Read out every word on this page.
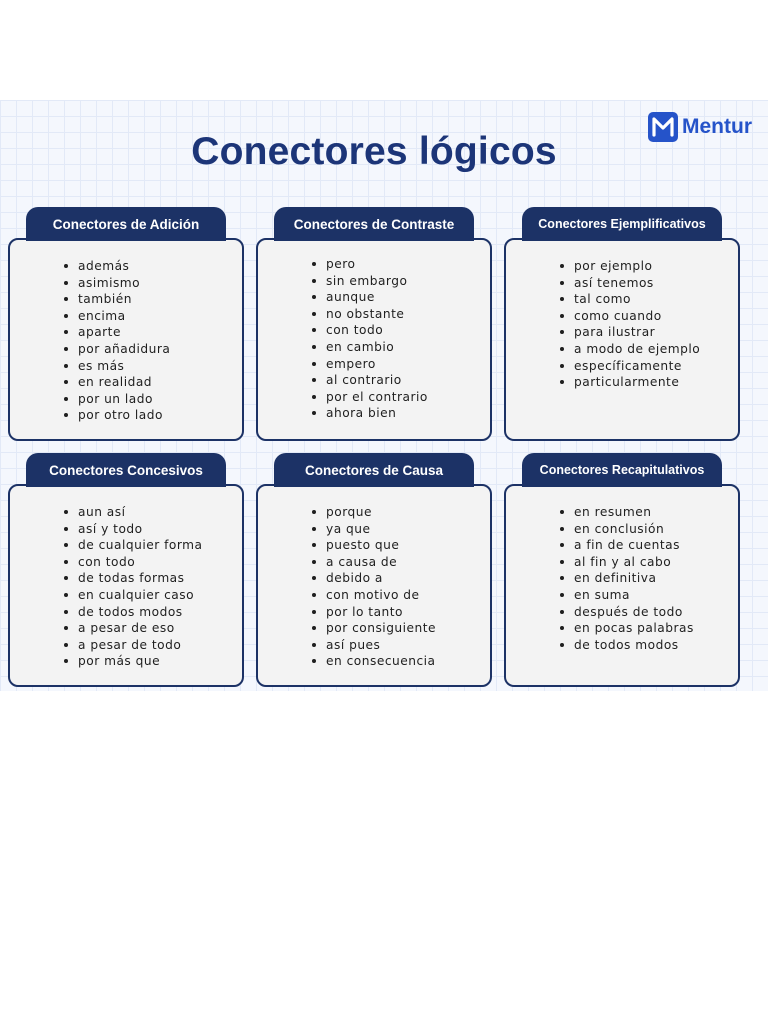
Mentur
Conectores lógicos
Conectores de Adición
además
asimismo
también
encima
aparte
por añadidura
es más
en realidad
por un lado
por otro lado
Conectores de Contraste
pero
sin embargo
aunque
no obstante
con todo
en cambio
empero
al contrario
por el contrario
ahora bien
Conectores Ejemplificativos
por ejemplo
así tenemos
tal como
como cuando
para ilustrar
a modo de ejemplo
específicamente
particularmente
Conectores Concesivos
aun así
así y todo
de cualquier forma
con todo
de todas formas
en cualquier caso
de todos modos
a pesar de eso
a pesar de todo
por más que
Conectores de Causa
porque
ya que
puesto que
a causa de
debido a
con motivo de
por lo tanto
por consiguiente
así pues
en consecuencia
Conectores Recapitulativos
en resumen
en conclusión
a fin de cuentas
al fin y al cabo
en definitiva
en suma
después de todo
en pocas palabras
de todos modos
